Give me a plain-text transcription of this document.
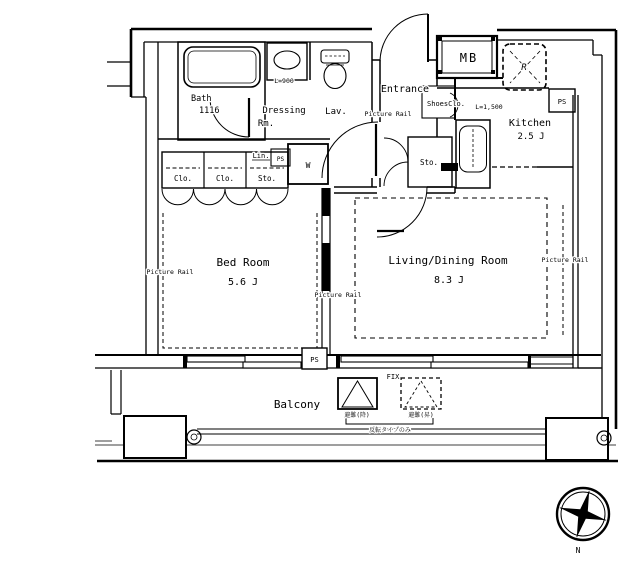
Bath
1116
L=900
Dressing
Rm.
Lav.
Entrance
Picture Rail
ShoesClo.
Sto.
MB
R
PS
L=1,500
Kitchen
2.5 J
Lin. PS
Clo.	Clo.	Sto.
W
Bed Room
5.6 J
Living/Dining Room
8.3 J
Picture Rail
Picture Rail
Picture Rail
PS
FIX
Balcony
避難(降)	避難(昇)
反転タイプのみ
N
